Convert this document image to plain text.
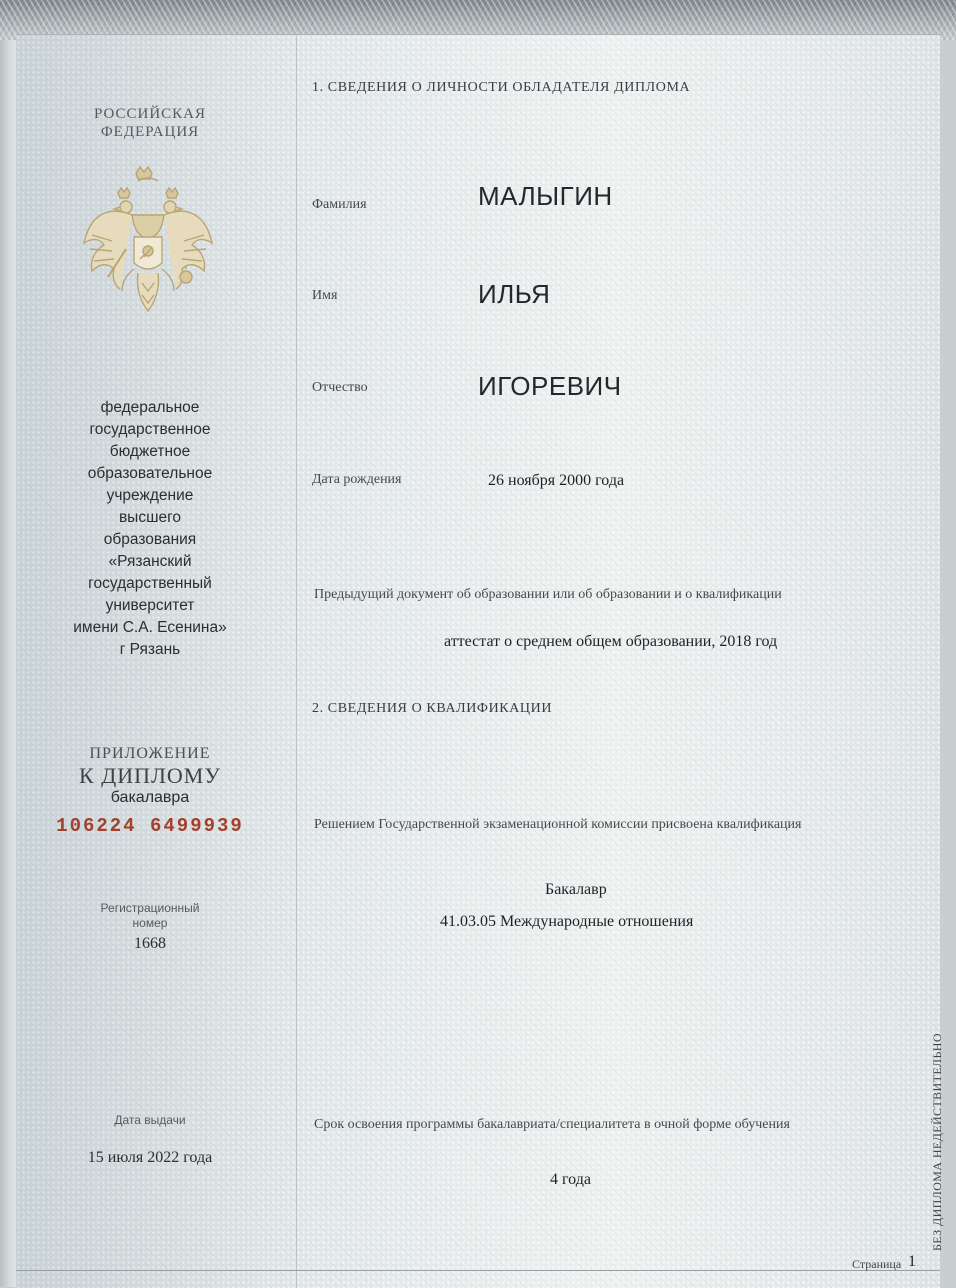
РОССИЙСКАЯ
ФЕДЕРАЦИЯ
федеральное
государственное
бюджетное
образовательное
учреждение
высшего
образования
«Рязанский
государственный
университет
имени С.А. Есенина»
г Рязань
ПРИЛОЖЕНИЕ
К ДИПЛОМУ
бакалавра
106224 6499939
Регистрационный
номер
1668
Дата выдачи
15 июля 2022 года
1. СВЕДЕНИЯ О ЛИЧНОСТИ ОБЛАДАТЕЛЯ ДИПЛОМА
Фамилия	МАЛЫГИН
Имя	ИЛЬЯ
Отчество	ИГОРЕВИЧ
Дата рождения	26 ноября 2000 года
Предыдущий документ об образовании или об образовании и о квалификации
аттестат о среднем общем образовании, 2018 год
2. СВЕДЕНИЯ О КВАЛИФИКАЦИИ
Решением Государственной экзаменационной комиссии присвоена квалификация
Бакалавр
41.03.05 Международные отношения
Срок освоения программы бакалавриата/специалитета в очной форме обучения
4 года	БЕЗ ДИПЛОМА НЕДЕЙСТВИТЕЛЬНО
Страница 1
